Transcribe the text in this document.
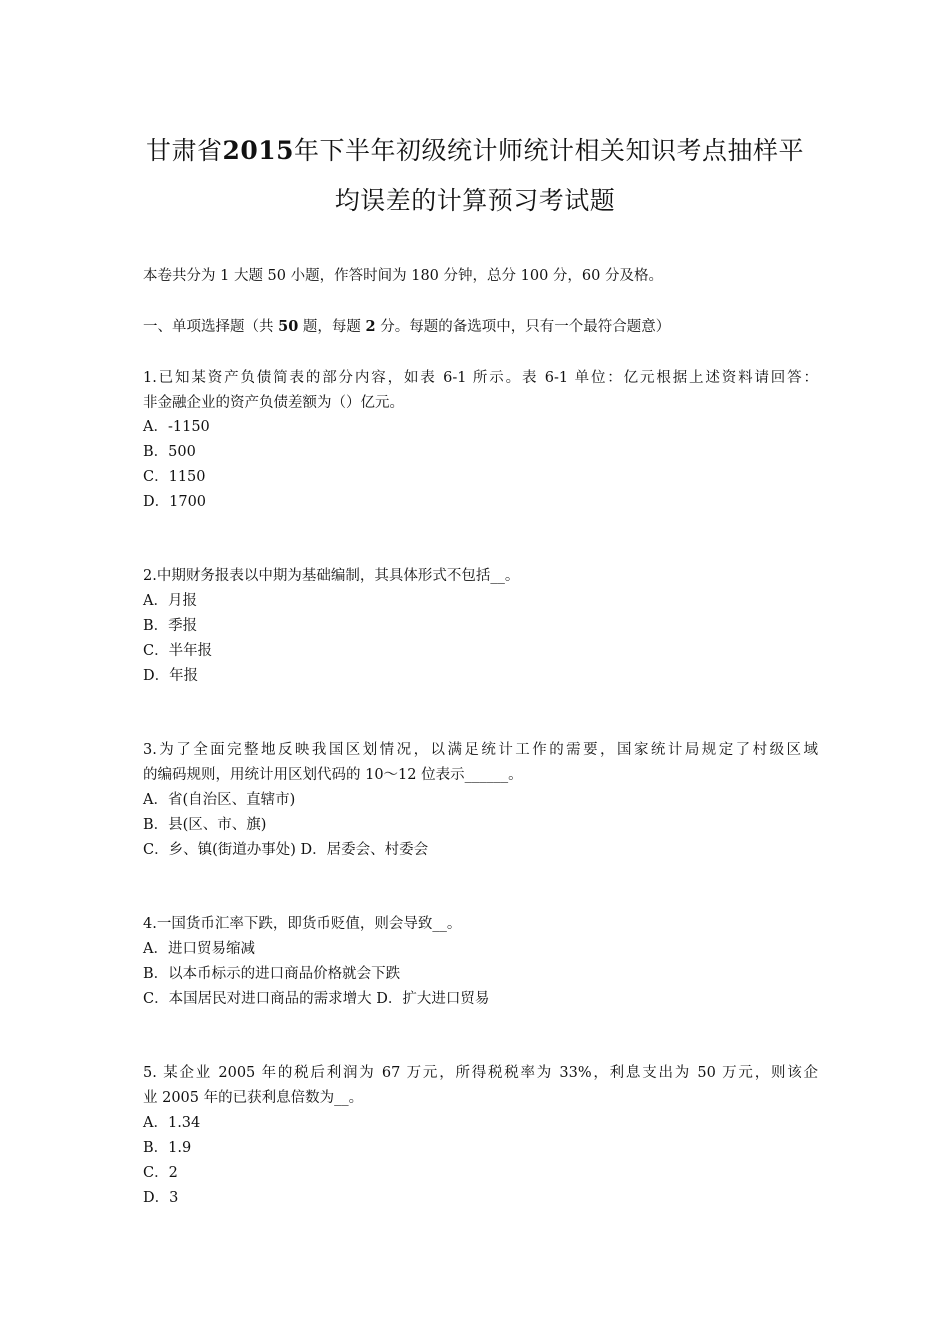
甘肃省2015年下半年初级统计师统计相关知识考点抽样平
均误差的计算预习考试题
本卷共分为 1 大题 50 小题，作答时间为 180 分钟，总分 100 分，60 分及格。
一、单项选择题（共 50 题，每题 2 分。每题的备选项中，只有一个最符合题意）
1.已知某资产负债简表的部分内容，如表 6-1 所示。表 6-1 单位：亿元根据上述资料请回答：
非金融企业的资产负债差额为（）亿元。
A．-1150
B．500
C．1150
D．1700
2.中期财务报表以中期为基础编制，其具体形式不包括__。
A．月报
B．季报
C．半年报
D．年报
3.为了全面完整地反映我国区划情况，以满足统计工作的需要，国家统计局规定了村级区域
的编码规则，用统计用区划代码的 10～12 位表示______。
A．省(自治区、直辖市)
B．县(区、市、旗)
C．乡、镇(街道办事处) D．居委会、村委会
4.一国货币汇率下跌，即货币贬值，则会导致__。
A．进口贸易缩减
B．以本币标示的进口商品价格就会下跌
C．本国居民对进口商品的需求增大 D．扩大进口贸易
5. 某企业 2005 年的税后利润为 67 万元，所得税税率为 33%，利息支出为 50 万元，则该企
业 2005 年的已获利息倍数为__。
A．1.34
B．1.9
C．2
D．3
